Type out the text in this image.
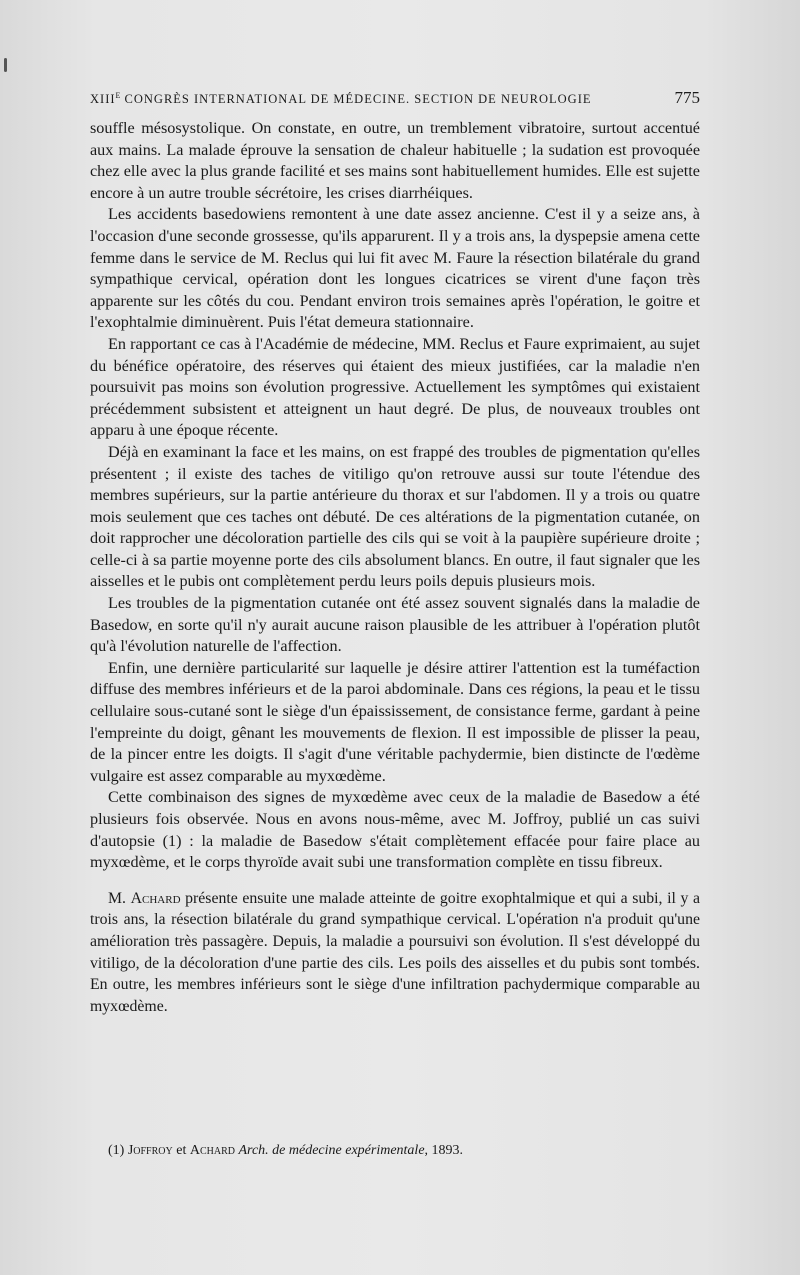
$XIII^E$ CONGRÈS INTERNATIONAL DE MÉDECINE. SECTION DE NEUROLOGIE	775

souffle mésosystolique. On constate, en outre, un tremblement vibratoire, surtout accentué aux mains. La malade éprouve la sensation de chaleur habituelle ; la sudation est provoquée chez elle avec la plus grande facilité et ses mains sont habituellement humides. Elle est sujette encore à un autre trouble sécrétoire, les crises diarrhéiques.

Les accidents basedowiens remontent à une date assez ancienne. C'est il y a seize ans, à l'occasion d'une seconde grossesse, qu'ils apparurent. Il y a trois ans, la dyspepsie amena cette femme dans le service de M. Reclus qui lui fit avec M. Faure la résection bilatérale du grand sympathique cervical, opération dont les longues cicatrices se virent d'une façon très apparente sur les côtés du cou. Pendant environ trois semaines après l'opération, le goitre et l'exophtalmie diminuèrent. Puis l'état demeura stationnaire.

En rapportant ce cas à l'Académie de médecine, MM. Reclus et Faure exprimaient, au sujet du bénéfice opératoire, des réserves qui étaient des mieux justifiées, car la maladie n'en poursuivit pas moins son évolution progressive. Actuellement les symptômes qui existaient précédemment subsistent et atteignent un haut degré. De plus, de nouveaux troubles ont apparu à une époque récente.

Déjà en examinant la face et les mains, on est frappé des troubles de pigmentation qu'elles présentent ; il existe des taches de vitiligo qu'on retrouve aussi sur toute l'étendue des membres supérieurs, sur la partie antérieure du thorax et sur l'abdomen. Il y a trois ou quatre mois seulement que ces taches ont débuté. De ces altérations de la pigmentation cutanée, on doit rapprocher une décoloration partielle des cils qui se voit à la paupière supérieure droite ; celle-ci à sa partie moyenne porte des cils absolument blancs. En outre, il faut signaler que les aisselles et le pubis ont complètement perdu leurs poils depuis plusieurs mois.

Les troubles de la pigmentation cutanée ont été assez souvent signalés dans la maladie de Basedow, en sorte qu'il n'y aurait aucune raison plausible de les attribuer à l'opération plutôt qu'à l'évolution naturelle de l'affection.

Enfin, une dernière particularité sur laquelle je désire attirer l'attention est la tuméfaction diffuse des membres inférieurs et de la paroi abdominale. Dans ces régions, la peau et le tissu cellulaire sous-cutané sont le siège d'un épaississement, de consistance ferme, gardant à peine l'empreinte du doigt, gênant les mouvements de flexion. Il est impossible de plisser la peau, de la pincer entre les doigts. Il s'agit d'une véritable pachydermie, bien distincte de l'œdème vulgaire est assez comparable au myxœdème.

Cette combinaison des signes de myxœdème avec ceux de la maladie de Basedow a été plusieurs fois observée. Nous en avons nous-même, avec M. Joffroy, publié un cas suivi d'autopsie (1) : la maladie de Basedow s'était complètement effacée pour faire place au myxœdème, et le corps thyroïde avait subi une transformation complète en tissu fibreux.

M. Achard présente ensuite une malade atteinte de goitre exophtalmique et qui a subi, il y a trois ans, la résection bilatérale du grand sympathique cervical. L'opération n'a produit qu'une amélioration très passagère. Depuis, la maladie a poursuivi son évolution. Il s'est développé du vitiligo, de la décoloration d'une partie des cils. Les poils des aisselles et du pubis sont tombés. En outre, les membres inférieurs sont le siège d'une infiltration pachydermique comparable au myxœdème.

(1) Joffroy et Achard Arch. de médecine expérimentale, 1893.
